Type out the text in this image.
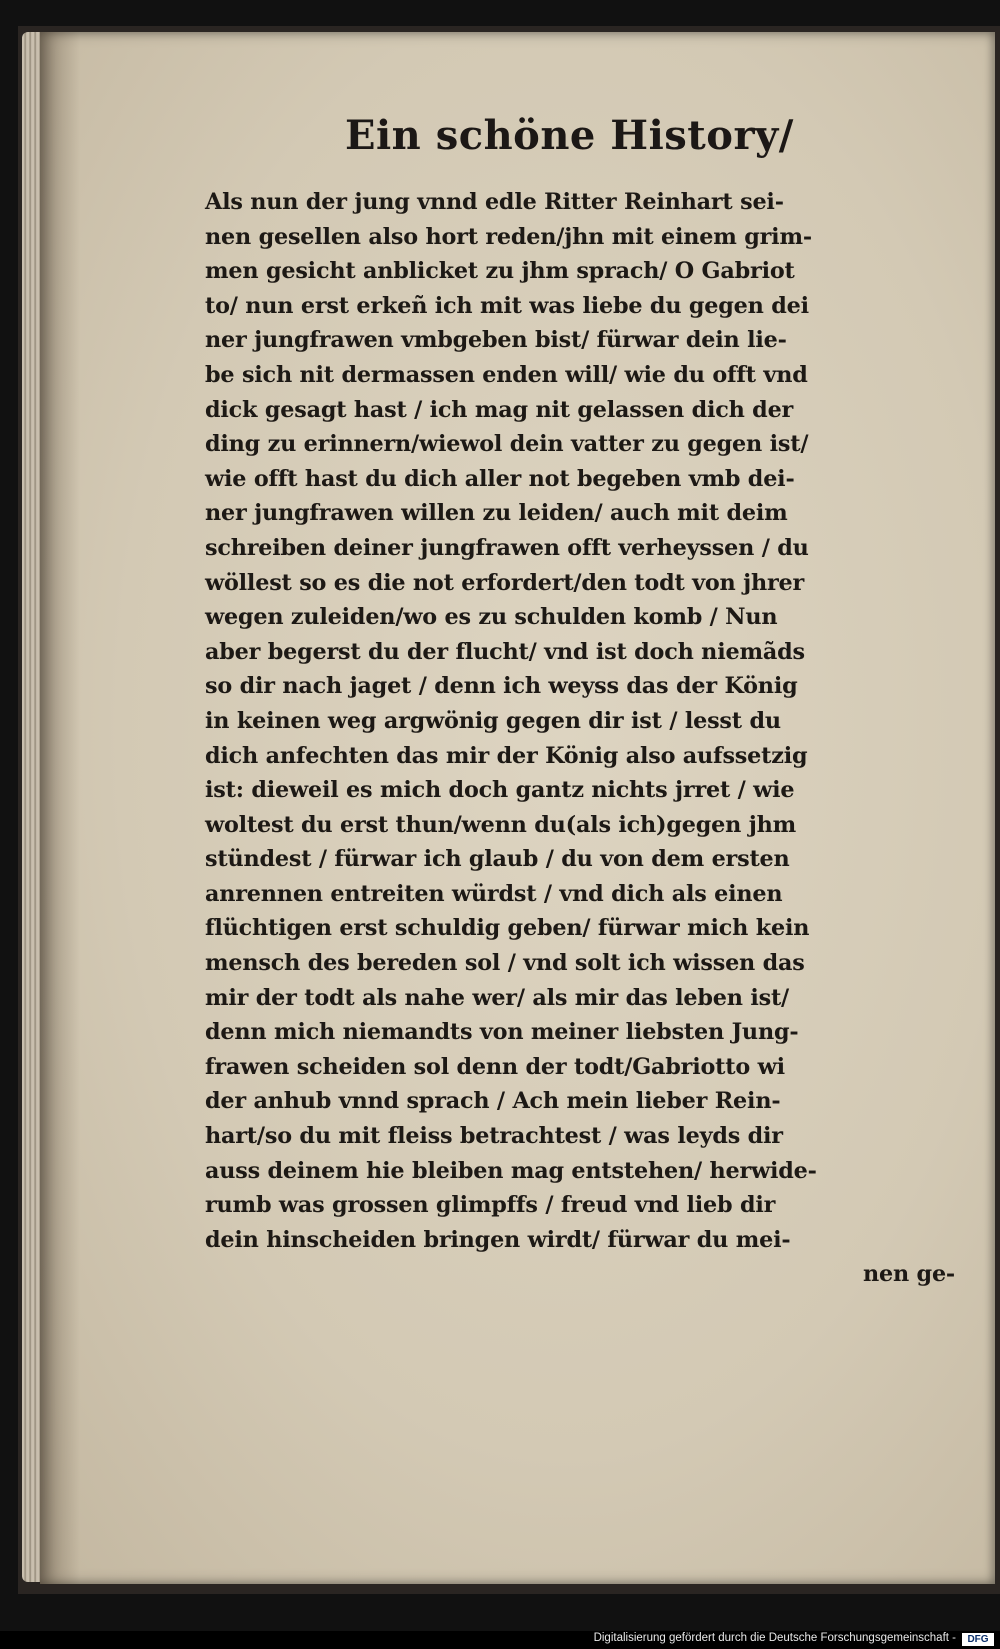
Ein schöne History/
Als nun der jung vnnd edle Ritter Reinhart sei-
nen gesellen also hort reden/jhn mit einem grim-
men gesicht anblicket zu jhm sprach/ O Gabriot
to/ nun erst erkeñ ich mit was liebe du gegen dei
ner jungfrawen vmbgeben bist/ fürwar dein lie-
be sich nit dermassen enden will/ wie du offt vnd
dick gesagt hast / ich mag nit gelassen dich der
ding zu erinnern/wiewol dein vatter zu gegen ist/
wie offt hast du dich aller not begeben vmb dei-
ner jungfrawen willen zu leiden/ auch mit deim
schreiben deiner jungfrawen offt verheyssen / du
wöllest so es die not erfordert/den todt von jhrer
wegen zuleiden/wo es zu schulden komb / Nun
aber begerst du der flucht/ vnd ist doch niemãds
so dir nach jaget / denn ich weyss das der König
in keinen weg argwönig gegen dir ist / lesst du
dich anfechten das mir der König also aufssetzig
ist: dieweil es mich doch gantz nichts jrret / wie
woltest du erst thun/wenn du(als ich)gegen jhm
stündest / fürwar ich glaub / du von dem ersten
anrennen entreiten würdst / vnd dich als einen
flüchtigen erst schuldig geben/ fürwar mich kein
mensch des bereden sol / vnd solt ich wissen das
mir der todt als nahe wer/ als mir das leben ist/
denn mich niemandts von meiner liebsten Jung-
frawen scheiden sol denn der todt/Gabriotto wi
der anhub vnnd sprach / Ach mein lieber Rein-
hart/so du mit fleiss betrachtest / was leyds dir
auss deinem hie bleiben mag entstehen/ herwide-
rumb was grossen glimpffs / freud vnd lieb dir
dein hinscheiden bringen wirdt/ fürwar du mei-
nen ge-
Digitalisierung gefördert durch die Deutsche Forschungsgemeinschaft -	DFG
